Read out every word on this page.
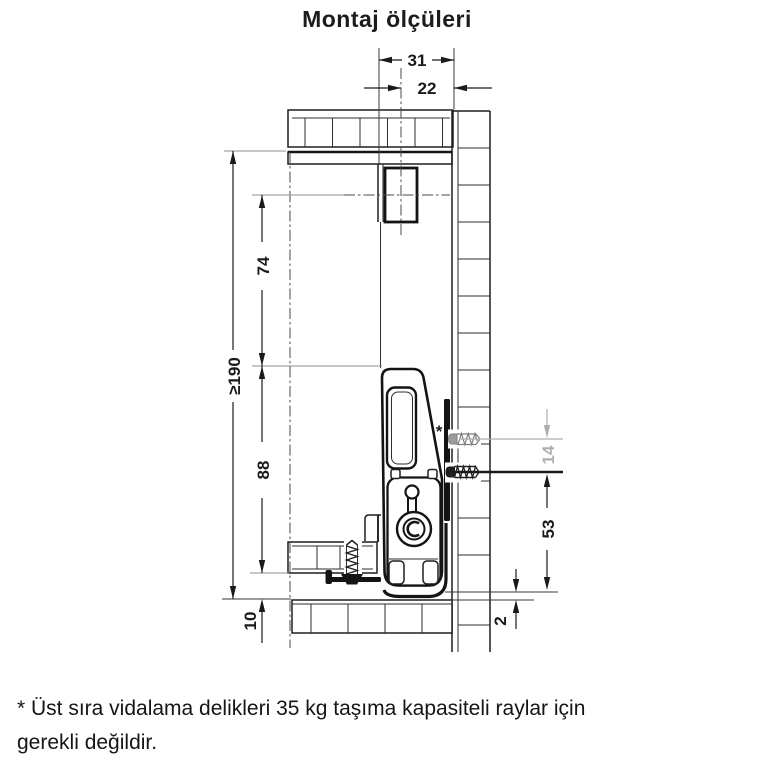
Montaj ölçüleri
31
22
≥190
74
88
10
14
53
2
*
* Üst sıra vidalama delikleri 35 kg taşıma kapasiteli raylar için
gerekli değildir.
